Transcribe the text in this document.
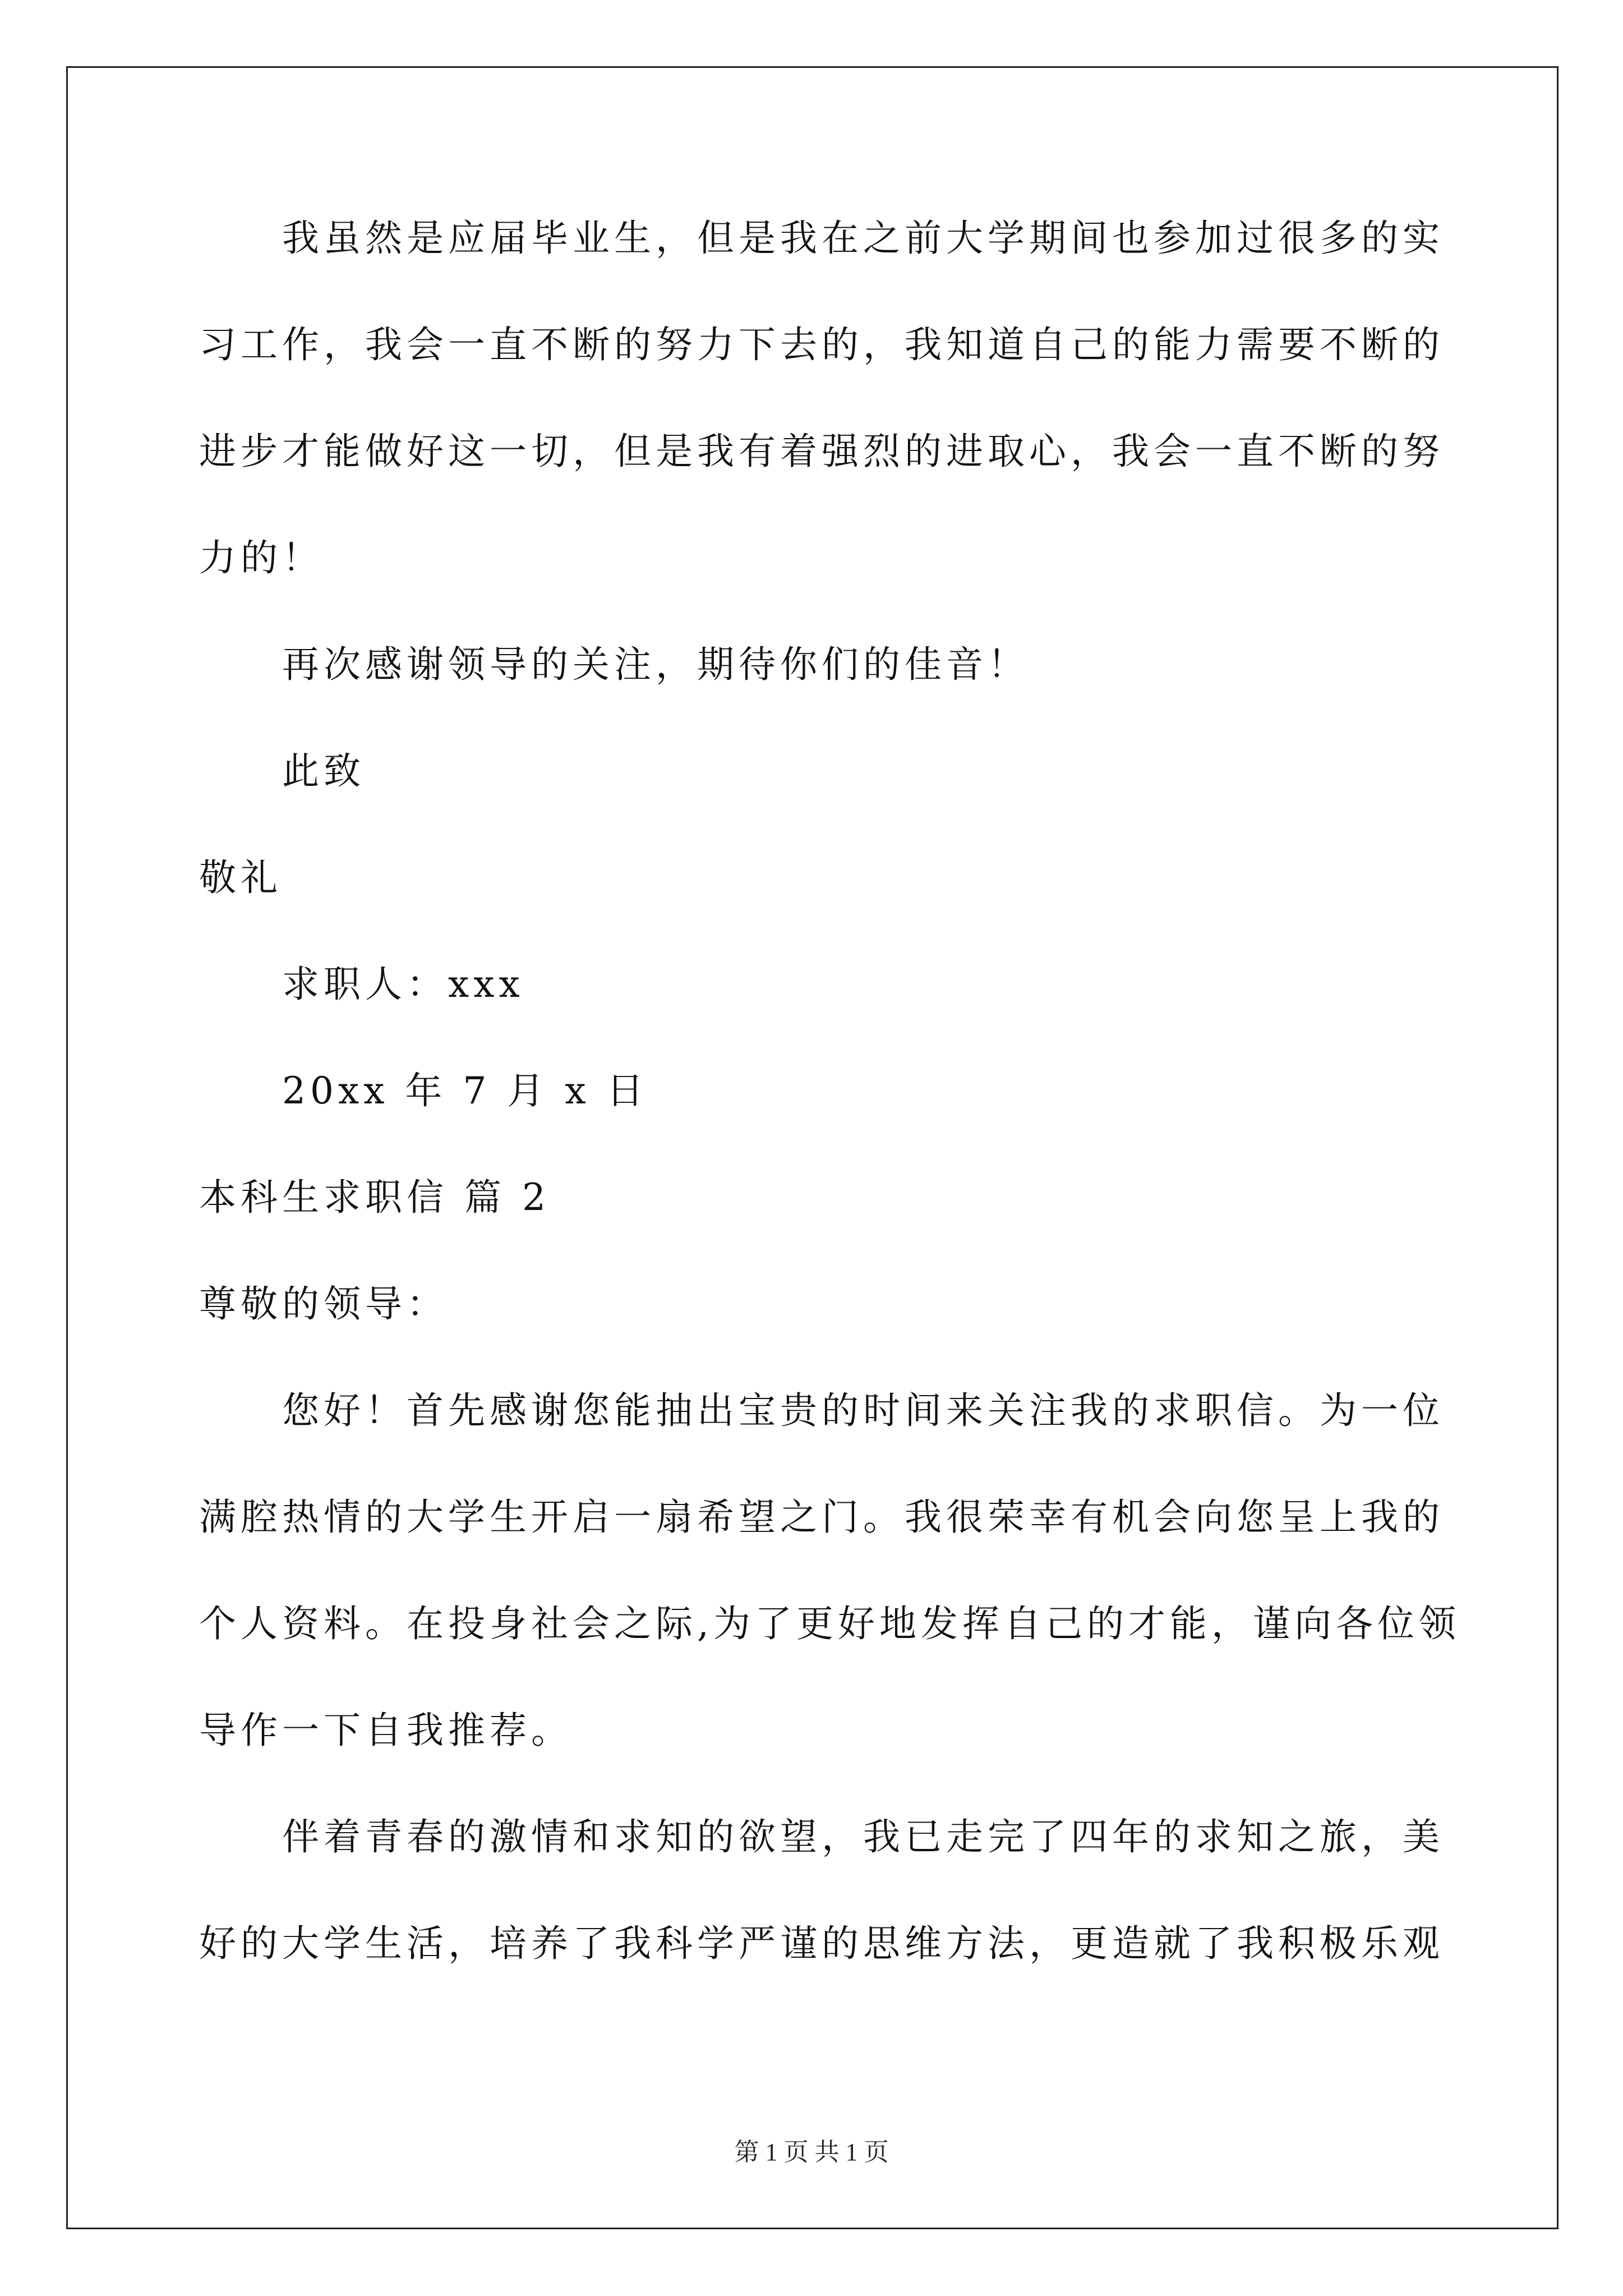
我虽然是应届毕业生，但是我在之前大学期间也参加过很多的实
习工作，我会一直不断的努力下去的，我知道自己的能力需要不断的
进步才能做好这一切，但是我有着强烈的进取心，我会一直不断的努
力的！
再次感谢领导的关注，期待你们的佳音！
此致
敬礼
求职人：xxx
20xx 年 7 月 x 日
本科生求职信 篇 2
尊敬的领导：
您好！首先感谢您能抽出宝贵的时间来关注我的求职信。为一位
满腔热情的大学生开启一扇希望之门。我很荣幸有机会向您呈上我的
个人资料。在投身社会之际,为了更好地发挥自己的才能，谨向各位领
导作一下自我推荐。
伴着青春的激情和求知的欲望，我已走完了四年的求知之旅，美
好的大学生活，培养了我科学严谨的思维方法，更造就了我积极乐观
第 1 页 共 1 页
